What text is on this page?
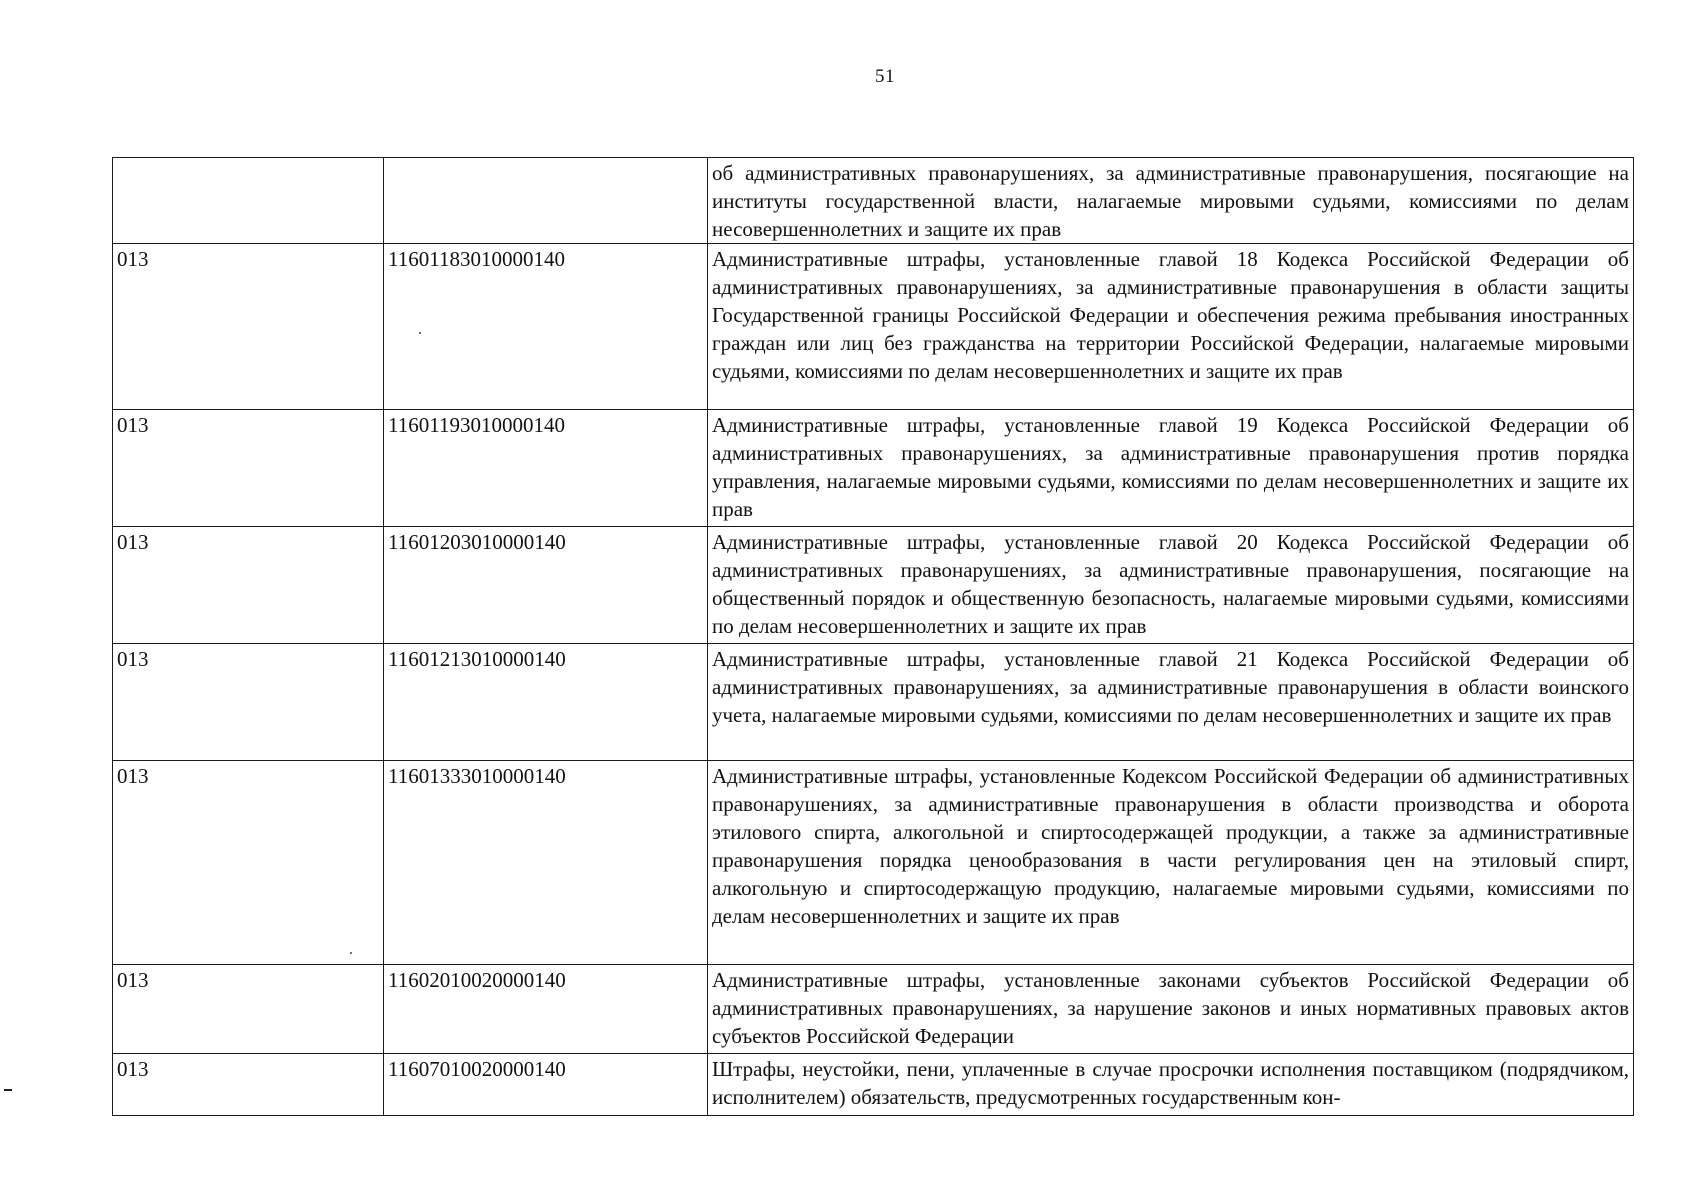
51
		об административных правонарушениях, за административные правонарушения, посягающие на институты государственной власти, налагаемые мировыми судьями, комиссиями по делам несовершеннолетних и защите их прав
013	11601183010000140	Административные штрафы, установленные главой 18 Кодекса Российской Федерации об административных правонарушениях, за административные правонарушения в области защиты Государственной границы Российской Федерации и обеспечения режима пребывания иностранных граждан или лиц без гражданства на территории Российской Федерации, налагаемые мировыми судьями, комиссиями по делам несовершеннолетних и защите их прав
013	11601193010000140	Административные штрафы, установленные главой 19 Кодекса Российской Федерации об административных правонарушениях, за административные правонарушения против порядка управления, налагаемые мировыми судьями, комиссиями по делам несовершеннолетних и защите их прав
013	11601203010000140	Административные штрафы, установленные главой 20 Кодекса Российской Федерации об административных правонарушениях, за административные правонарушения, посягающие на общественный порядок и общественную безопасность, налагаемые мировыми судьями, комиссиями по делам несовершеннолетних и защите их прав
013	11601213010000140	Административные штрафы, установленные главой 21 Кодекса Российской Федерации об административных правонарушениях, за административные правонарушения в области воинского учета, налагаемые мировыми судьями, комиссиями по делам несовершеннолетних и защите их прав
013	11601333010000140	Административные штрафы, установленные Кодексом Российской Федерации об административных правонарушениях, за административные правонарушения в области производства и оборота этилового спирта, алкогольной и спиртосодержащей продукции, а также за административные правонарушения порядка ценообразования в части регулирования цен на этиловый спирт, алкогольную и спиртосодержащую продукцию, налагаемые мировыми судьями, комиссиями по делам несовершеннолетних и защите их прав
013	11602010020000140	Административные штрафы, установленные законами субъектов Российской Федерации об административных правонарушениях, за нарушение законов и иных нормативных правовых актов субъектов Российской Федерации
013	11607010020000140	Штрафы, неустойки, пени, уплаченные в случае просрочки исполнения поставщиком (подрядчиком, исполнителем) обязательств, предусмотренных государственным кон-
